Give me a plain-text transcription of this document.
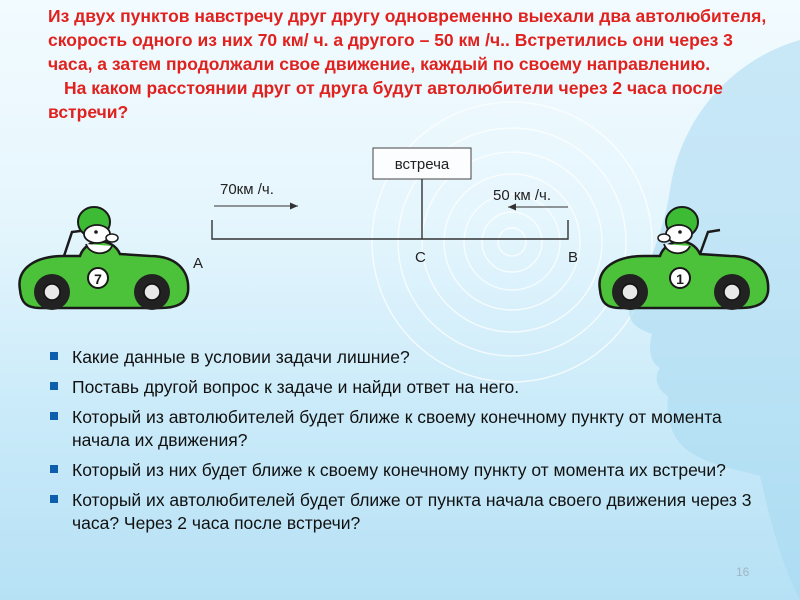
Из двух пунктов навстречу друг другу одновременно выехали два автолюбителя, скорость одного из них 70 км/ ч. а другого – 50 км /ч.. Встретились они через 3 часа, а затем продолжали свое движение, каждый по своему направлению.
На каком расстоянии друг от друга будут автолюбители через 2 часа после встречи?

встреча
70км /ч.	50 км /ч.
А	С	В
7	1
Какие данные в условии задачи лишние?
Поставь другой вопрос к задаче и найди ответ на него.
Который из автолюбителей будет ближе к своему конечному пункту от момента начала их движения?
Который из них будет ближе к своему конечному пункту от момента их встречи?
Который их автолюбителей будет ближе от пункта начала своего движения через 3 часа? Через 2 часа после встречи?
16
